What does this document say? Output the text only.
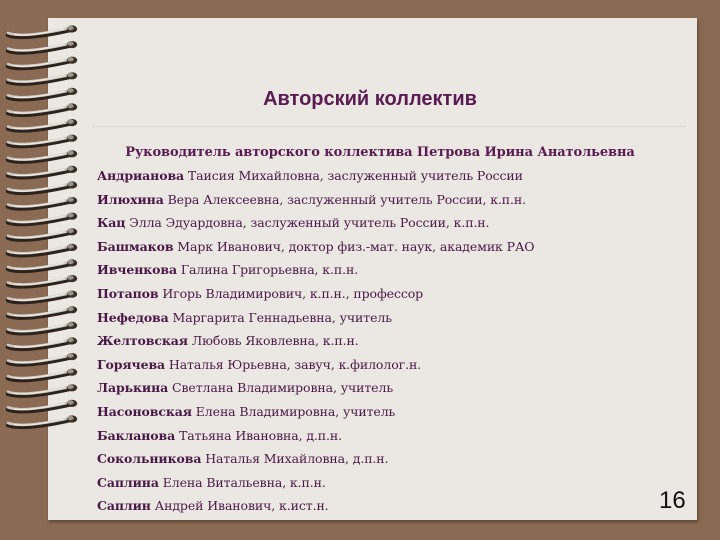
Авторский коллектив
Руководитель авторского коллектива Петрова Ирина Анатольевна
Андрианова Таисия Михайловна, заслуженный учитель России
Илюхина Вера Алексеевна, заслуженный учитель России, к.п.н.
Кац Элла Эдуардовна, заслуженный учитель России, к.п.н.
Башмаков Марк Иванович, доктор физ.-мат. наук, академик РАО
Ивченкова Галина Григорьевна, к.п.н.
Потапов Игорь Владимирович, к.п.н., профессор
Нефедова Маргарита Геннадьевна, учитель
Желтовская Любовь Яковлевна, к.п.н.
Горячева Наталья Юрьевна, завуч, к.филолог.н.
Ларькина Светлана Владимировна, учитель
Насоновская Елена Владимировна, учитель
Бакланова Татьяна Ивановна, д.п.н.
Сокольникова Наталья Михайловна, д.п.н.
Саплина Елена Витальевна, к.п.н.
Саплин Андрей Иванович, к.ист.н.	16
